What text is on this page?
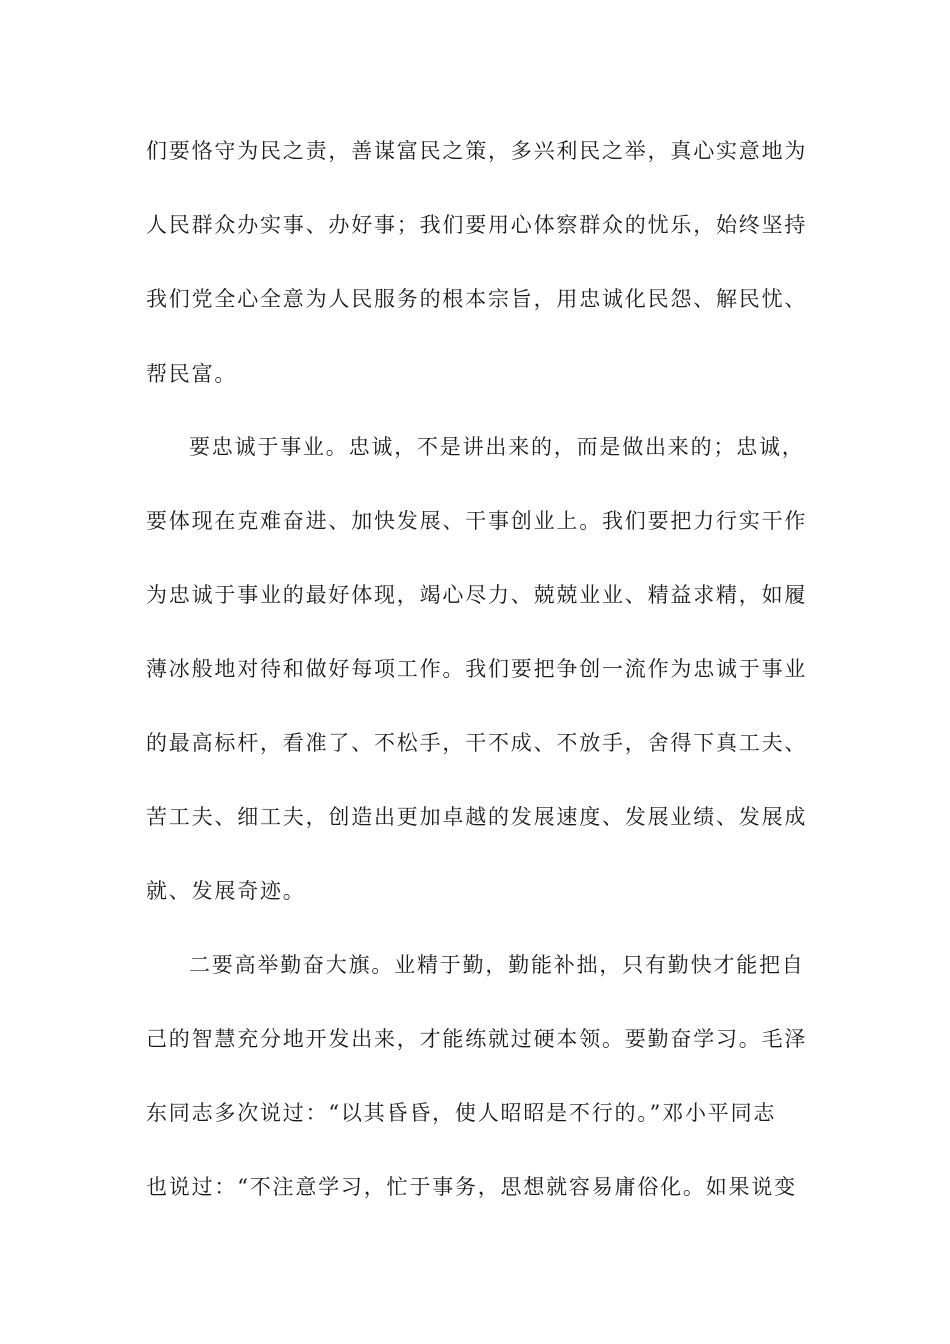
们要恪守为民之责，善谋富民之策，多兴利民之举，真心实意地为
人民群众办实事、办好事；我们要用心体察群众的忧乐，始终坚持
我们党全心全意为人民服务的根本宗旨，用忠诚化民怨、解民忧、
帮民富。
要忠诚于事业。忠诚，不是讲出来的，而是做出来的；忠诚，
要体现在克难奋进、加快发展、干事创业上。我们要把力行实干作
为忠诚于事业的最好体现，竭心尽力、兢兢业业、精益求精，如履
薄冰般地对待和做好每项工作。我们要把争创一流作为忠诚于事业
的最高标杆，看准了、不松手，干不成、不放手，舍得下真工夫、
苦工夫、细工夫，创造出更加卓越的发展速度、发展业绩、发展成
就、发展奇迹。
二要高举勤奋大旗。业精于勤，勤能补拙，只有勤快才能把自
己的智慧充分地开发出来，才能练就过硬本领。要勤奋学习。毛泽
东同志多次说过：“以其昏昏，使人昭昭是不行的。”邓小平同志
也说过：“不注意学习，忙于事务，思想就容易庸俗化。如果说变
